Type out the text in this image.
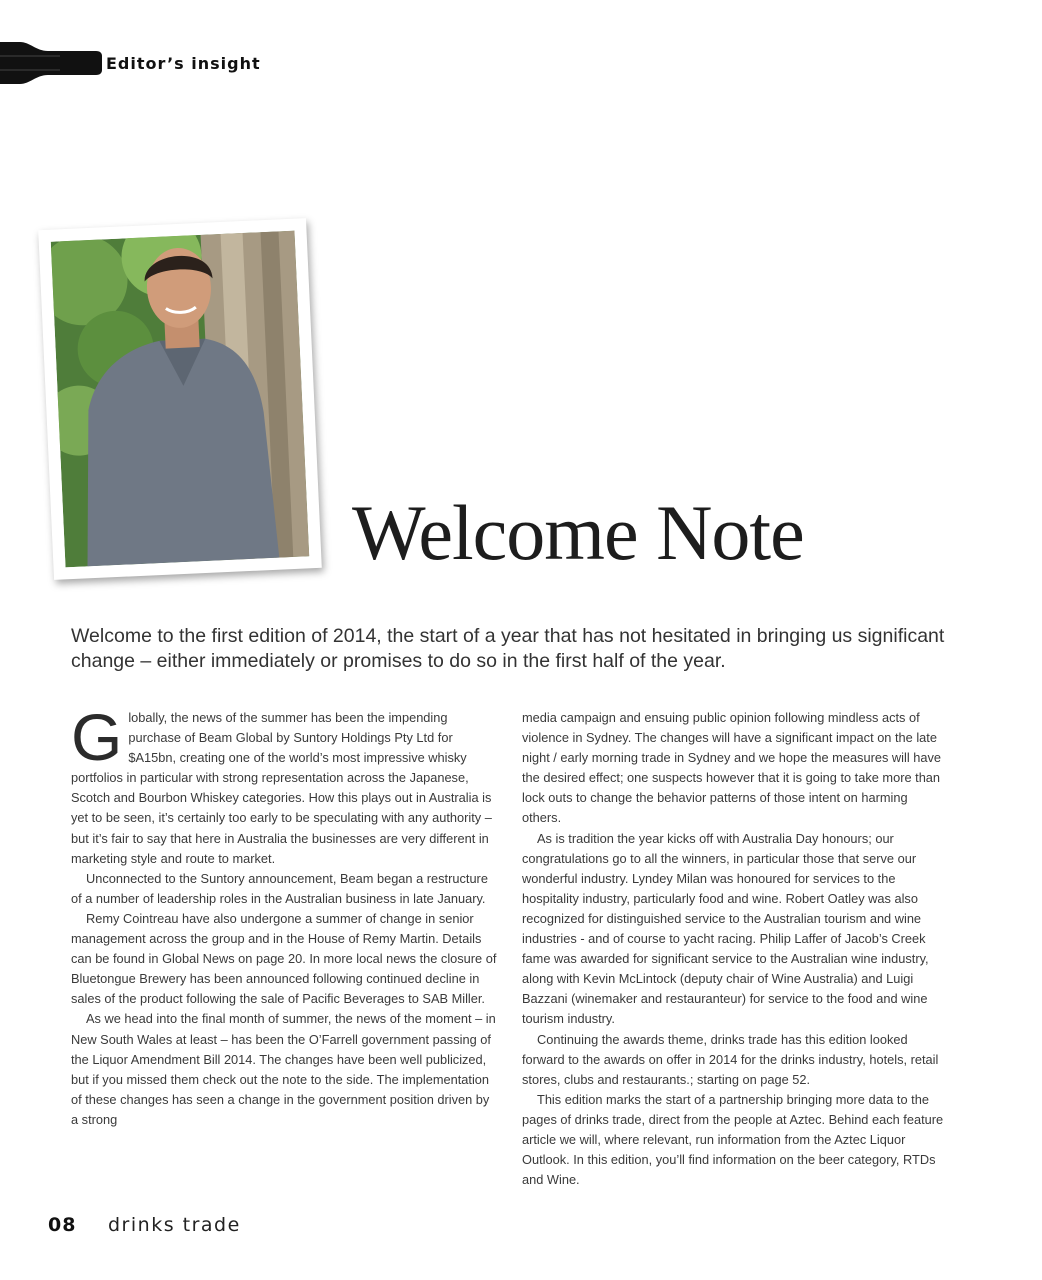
Editor’s insight
Welcome Note

Welcome to the first edition of 2014, the start of a year that has not hesitated in bringing us significant change – either immediately or promises to do so in the first half of the year.

Globally, the news of the summer has been the impending purchase of Beam Global by Suntory Holdings Pty Ltd for $A15bn, creating one of the world’s most impressive whisky portfolios in particular with strong representation across the Japanese, Scotch and Bourbon Whiskey categories. How this plays out in Australia is yet to be seen, it’s certainly too early to be speculating with any authority – but it’s fair to say that here in Australia the businesses are very different in marketing style and route to market.

Unconnected to the Suntory announcement, Beam began a restructure of a number of leadership roles in the Australian business in late January.

Remy Cointreau have also undergone a summer of change in senior management across the group and in the House of Remy Martin. Details can be found in Global News on page 20. In more local news the closure of Bluetongue Brewery has been announced following continued decline in sales of the product following the sale of Pacific Beverages to SAB Miller.

As we head into the final month of summer, the news of the moment – in New South Wales at least – has been the O’Farrell government passing of the Liquor Amendment Bill 2014. The changes have been well publicized, but if you missed them check out the note to the side. The implementation of these changes has seen a change in the government position driven by a strong

media campaign and ensuing public opinion following mindless acts of violence in Sydney. The changes will have a significant impact on the late night / early morning trade in Sydney and we hope the measures will have the desired effect; one suspects however that it is going to take more than lock outs to change the behavior patterns of those intent on harming others.

As is tradition the year kicks off with Australia Day honours; our congratulations go to all the winners, in particular those that serve our wonderful industry. Lyndey Milan was honoured for services to the hospitality industry, particularly food and wine. Robert Oatley was also recognized for distinguished service to the Australian tourism and wine industries - and of course to yacht racing. Philip Laffer of Jacob’s Creek fame was awarded for significant service to the Australian wine industry, along with Kevin McLintock (deputy chair of Wine Australia) and Luigi Bazzani (winemaker and restauranteur) for service to the food and wine tourism industry.

Continuing the awards theme, drinks trade has this edition looked forward to the awards on offer in 2014 for the drinks industry, hotels, retail stores, clubs and restaurants.; starting on page 52.

This edition marks the start of a partnership bringing more data to the pages of drinks trade, direct from the people at Aztec. Behind each feature article we will, where relevant, run information from the Aztec Liquor Outlook. In this edition, you’ll find information on the beer category, RTDs and Wine.

08 drinks trade
